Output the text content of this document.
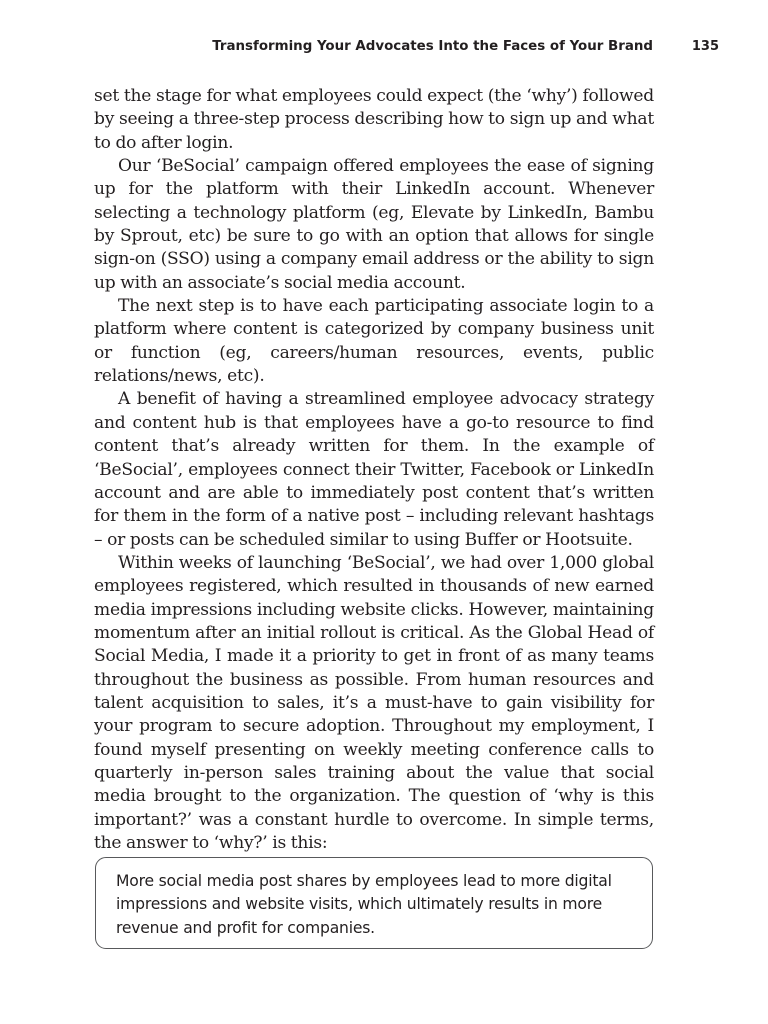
Transforming Your Advocates Into the Faces of Your Brand	135

set the stage for what employees could expect (the ‘why’) followed by seeing a three-step process describing how to sign up and what to do after login.

Our ‘BeSocial’ campaign offered employees the ease of signing up for the platform with their LinkedIn account. Whenever selecting a technology platform (eg, Elevate by LinkedIn, Bambu by Sprout, etc) be sure to go with an option that allows for single sign-on (SSO) using a company email address or the ability to sign up with an associate’s social media account.

The next step is to have each participating associate login to a platform where content is categorized by company business unit or function (eg, careers/human resources, events, public relations/news, etc).

A benefit of having a streamlined employee advocacy strategy and content hub is that employees have a go-to resource to find content that’s already written for them. In the example of ‘BeSocial’, employees connect their Twitter, Facebook or LinkedIn account and are able to immediately post content that’s written for them in the form of a native post – including relevant hashtags – or posts can be scheduled similar to using Buffer or Hootsuite.

Within weeks of launching ‘BeSocial’, we had over 1,000 global employees registered, which resulted in thousands of new earned media impressions including website clicks. However, maintaining momentum after an initial rollout is critical. As the Global Head of Social Media, I made it a priority to get in front of as many teams throughout the business as possible. From human resources and talent acquisition to sales, it’s a must-have to gain visibility for your program to secure adoption. Throughout my employment, I found myself presenting on weekly meeting conference calls to quarterly in-person sales training about the value that social media brought to the organization. The question of ‘why is this important?’ was a constant hurdle to overcome. In simple terms, the answer to ‘why?’ is this:

More social media post shares by employees lead to more digital impressions and website visits, which ultimately results in more revenue and profit for companies.
